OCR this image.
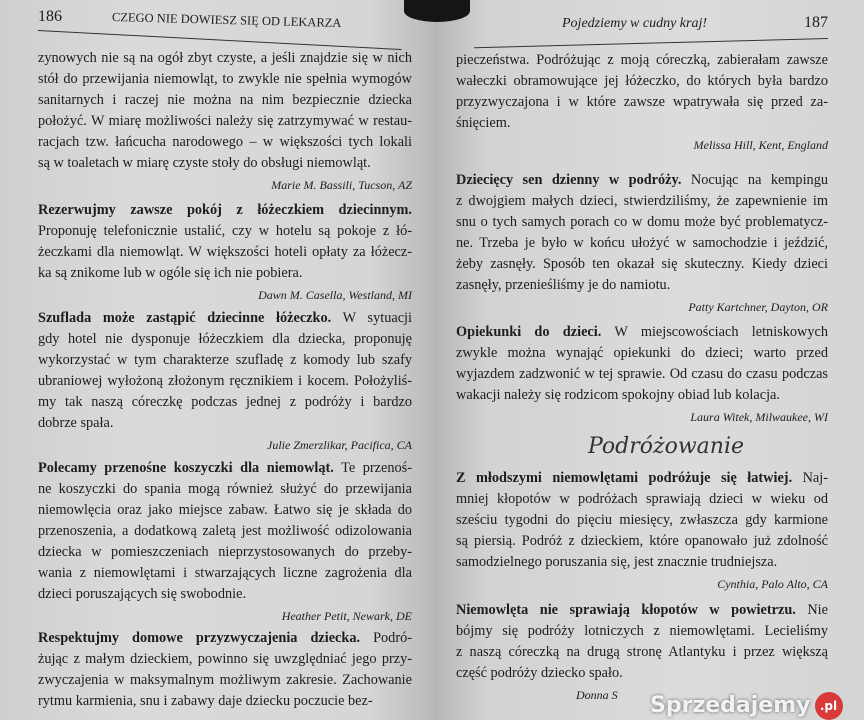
186	CZEGO NIE DOWIESZ SIĘ OD LEKARZA
zynowych nie są na ogół zbyt czyste, a jeśli znajdzie się w nich
stół do przewijania niemowląt, to zwykle nie spełnia wymogów
sanitarnych i raczej nie można na nim bezpiecznie dziecka
położyć. W miarę możliwości należy się zatrzymywać w restau-
racjach tzw. łańcucha narodowego – w większości tych lokali
są w toaletach w miarę czyste stoły do obsługi niemowląt.
Marie M. Bassili, Tucson, AZ
Rezerwujmy zawsze pokój z łóżeczkiem dziecinnym.
Proponuję telefonicznie ustalić, czy w hotelu są pokoje z łó-
żeczkami dla niemowląt. W większości hoteli opłaty za łóżecz-
ka są znikome lub w ogóle się ich nie pobiera.
Dawn M. Casella, Westland, MI
Szuflada może zastąpić dziecinne łóżeczko. W sytuacji
gdy hotel nie dysponuje łóżeczkiem dla dziecka, proponuję
wykorzystać w tym charakterze szufladę z komody lub szafy
ubraniowej wyłożoną złożonym ręcznikiem i kocem. Położyliś-
my tak naszą córeczkę podczas jednej z podróży i bardzo
dobrze spała.
Julie Zmerzlikar, Pacifica, CA
Polecamy przenośne koszyczki dla niemowląt. Te przenoś-
ne koszyczki do spania mogą również służyć do przewijania
niemowlęcia oraz jako miejsce zabaw. Łatwo się je składa do
przenoszenia, a dodatkową zaletą jest możliwość odizolowania
dziecka w pomieszczeniach nieprzystosowanych do przeby-
wania z niemowlętami i stwarzających liczne zagrożenia dla
dzieci poruszających się swobodnie.
Heather Petit, Newark, DE
Respektujmy domowe przyzwyczajenia dziecka. Podró-
żując z małym dzieckiem, powinno się uwzględniać jego przy-
zwyczajenia w maksymalnym możliwym zakresie. Zachowanie
rytmu karmienia, snu i zabawy daje dziecku poczucie bez-
Pojedziemy w cudny kraj!	187
Podróżowanie
pieczeństwa. Podróżując z moją córeczką, zabierałam zawsze
wałeczki obramowujące jej łóżeczko, do których była bardzo
przyzwyczajona i w które zawsze wpatrywała się przed za-
śnięciem.
Melissa Hill, Kent, England
Dziecięcy sen dzienny w podróży. Nocując na kempingu
z dwojgiem małych dzieci, stwierdziliśmy, że zapewnienie im
snu o tych samych porach co w domu może być problematycz-
ne. Trzeba je było w końcu ułożyć w samochodzie i jeździć,
żeby zasnęły. Sposób ten okazał się skuteczny. Kiedy dzieci
zasnęły, przenieśliśmy je do namiotu.
Patty Kartchner, Dayton, OR
Opiekunki do dzieci. W miejscowościach letniskowych
zwykle można wynająć opiekunki do dzieci; warto przed
wyjazdem zadzwonić w tej sprawie. Od czasu do czasu podczas
wakacji należy się rodzicom spokojny obiad lub kolacja.
Laura Witek, Milwaukee, WI
Z młodszymi niemowlętami podróżuje się łatwiej. Naj-
mniej kłopotów w podróżach sprawiają dzieci w wieku od
sześciu tygodni do pięciu miesięcy, zwłaszcza gdy karmione
są piersią. Podróż z dzieckiem, które opanowało już zdolność
samodzielnego poruszania się, jest znacznie trudniejsza.
Cynthia, Palo Alto, CA
Niemowlęta nie sprawiają kłopotów w powietrzu. Nie
bójmy się podróży lotniczych z niemowlętami. Lecieliśmy
z naszą córeczką na drugą stronę Atlantyku i przez większą
część podróży dziecko spało.
Donna S	Sprzedajemy .pl
